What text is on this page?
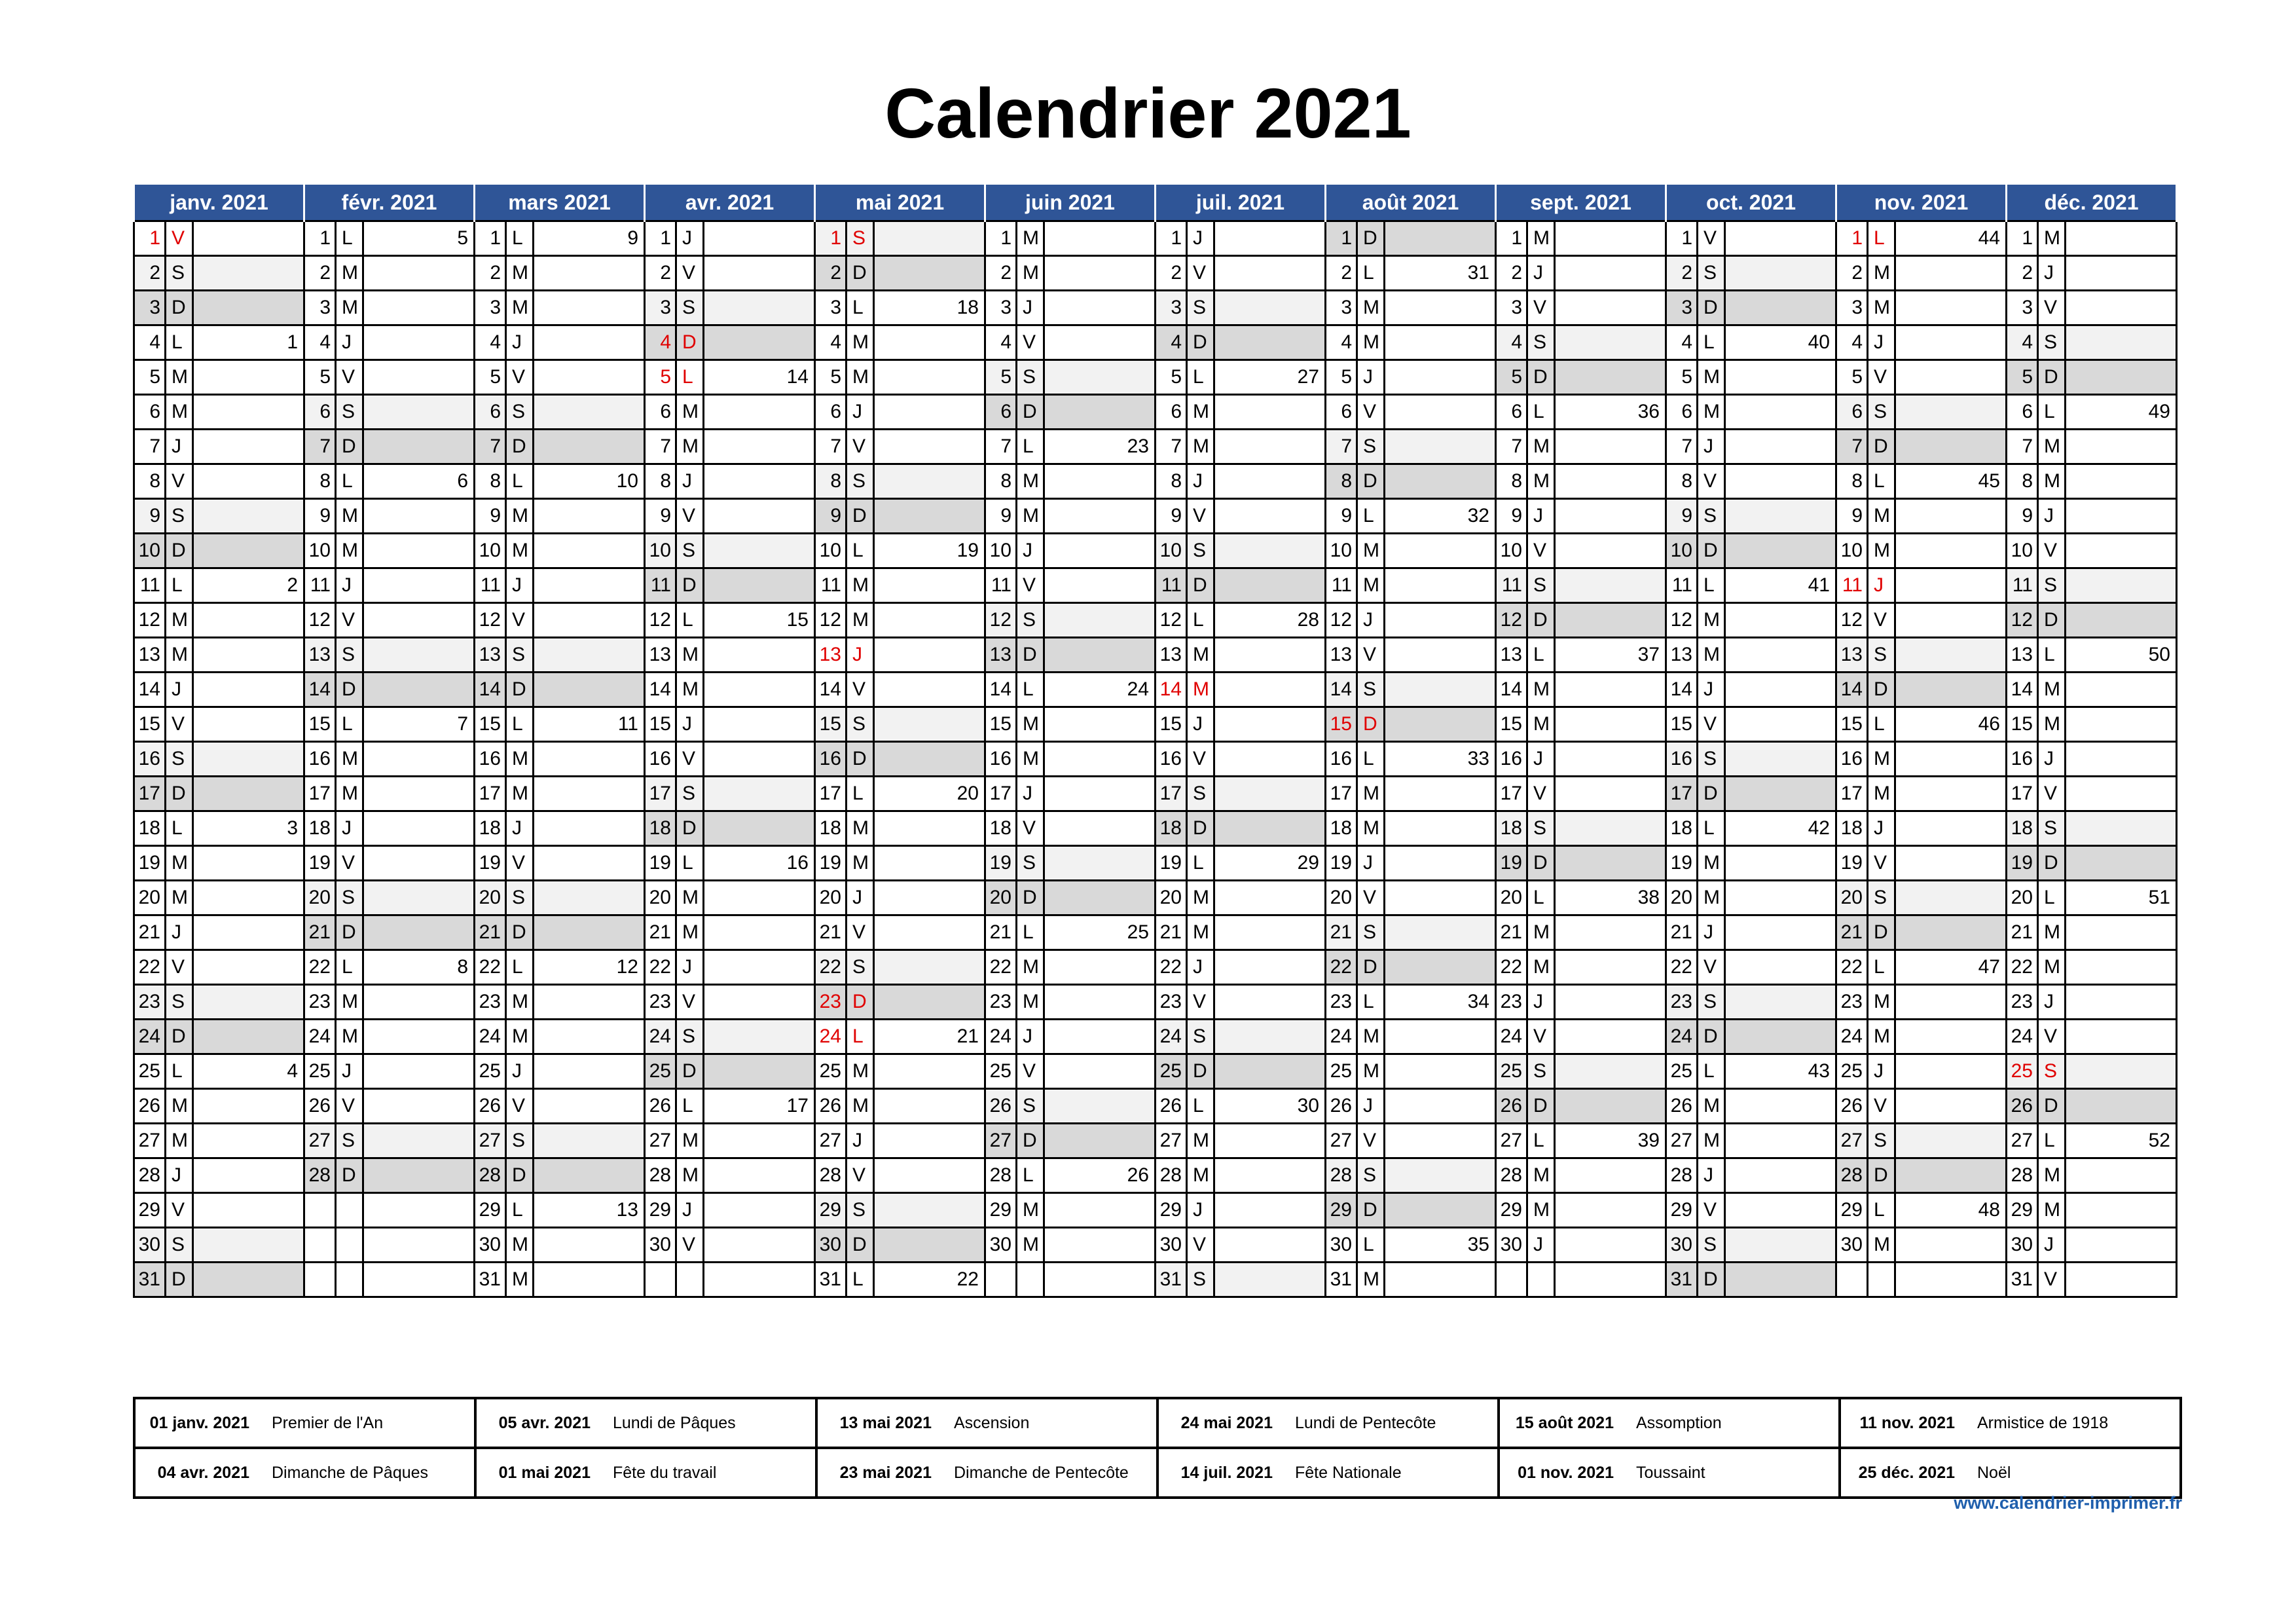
Calendrier 2021
janv. 2021			févr. 2021			mars 2021			avr. 2021			mai 2021			juin 2021			juil. 2021			août 2021			sept. 2021			oct. 2021			nov. 2021			déc. 2021		
1	V		1	L	5	1	L	9	1	J		1	S		1	M		1	J		1	D		1	M		1	V		1	L	44	1	M	
2	S		2	M		2	M		2	V		2	D		2	M		2	V		2	L	31	2	J		2	S		2	M		2	J	
3	D		3	M		3	M		3	S		3	L	18	3	J		3	S		3	M		3	V		3	D		3	M		3	V	
4	L	1	4	J		4	J		4	D		4	M		4	V		4	D		4	M		4	S		4	L	40	4	J		4	S	
5	M		5	V		5	V		5	L	14	5	M		5	S		5	L	27	5	J		5	D		5	M		5	V		5	D	
6	M		6	S		6	S		6	M		6	J		6	D		6	M		6	V		6	L	36	6	M		6	S		6	L	49
7	J		7	D		7	D		7	M		7	V		7	L	23	7	M		7	S		7	M		7	J		7	D		7	M	
8	V		8	L	6	8	L	10	8	J		8	S		8	M		8	J		8	D		8	M		8	V		8	L	45	8	M	
9	S		9	M		9	M		9	V		9	D		9	M		9	V		9	L	32	9	J		9	S		9	M		9	J	
10	D		10	M		10	M		10	S		10	L	19	10	J		10	S		10	M		10	V		10	D		10	M		10	V	
11	L	2	11	J		11	J		11	D		11	M		11	V		11	D		11	M		11	S		11	L	41	11	J		11	S	
12	M		12	V		12	V		12	L	15	12	M		12	S		12	L	28	12	J		12	D		12	M		12	V		12	D	
13	M		13	S		13	S		13	M		13	J		13	D		13	M		13	V		13	L	37	13	M		13	S		13	L	50
14	J		14	D		14	D		14	M		14	V		14	L	24	14	M		14	S		14	M		14	J		14	D		14	M	
15	V		15	L	7	15	L	11	15	J		15	S		15	M		15	J		15	D		15	M		15	V		15	L	46	15	M	
16	S		16	M		16	M		16	V		16	D		16	M		16	V		16	L	33	16	J		16	S		16	M		16	J	
17	D		17	M		17	M		17	S		17	L	20	17	J		17	S		17	M		17	V		17	D		17	M		17	V	
18	L	3	18	J		18	J		18	D		18	M		18	V		18	D		18	M		18	S		18	L	42	18	J		18	S	
19	M		19	V		19	V		19	L	16	19	M		19	S		19	L	29	19	J		19	D		19	M		19	V		19	D	
20	M		20	S		20	S		20	M		20	J		20	D		20	M		20	V		20	L	38	20	M		20	S		20	L	51
21	J		21	D		21	D		21	M		21	V		21	L	25	21	M		21	S		21	M		21	J		21	D		21	M	
22	V		22	L	8	22	L	12	22	J		22	S		22	M		22	J		22	D		22	M		22	V		22	L	47	22	M	
23	S		23	M		23	M		23	V		23	D		23	M		23	V		23	L	34	23	J		23	S		23	M		23	J	
24	D		24	M		24	M		24	S		24	L	21	24	J		24	S		24	M		24	V		24	D		24	M		24	V	
25	L	4	25	J		25	J		25	D		25	M		25	V		25	D		25	M		25	S		25	L	43	25	J		25	S	
26	M		26	V		26	V		26	L	17	26	M		26	S		26	L	30	26	J		26	D		26	M		26	V		26	D	
27	M		27	S		27	S		27	M		27	J		27	D		27	M		27	V		27	L	39	27	M		27	S		27	L	52
28	J		28	D		28	D		28	M		28	V		28	L	26	28	M		28	S		28	M		28	J		28	D		28	M	
29	V					29	L	13	29	J		29	S		29	M		29	J		29	D		29	M		29	V		29	L	48	29	M	
30	S					30	M		30	V		30	D		30	M		30	V		30	L	35	30	J		30	S		30	M		30	J	
31	D					31	M					31	L	22				31	S		31	M					31	D					31	V	
01 janv. 2021	Premier de l'An	05 avr. 2021	Lundi de Pâques	13 mai 2021	Ascension	24 mai 2021	Lundi de Pentecôte	15 août 2021	Assomption	11 nov. 2021	Armistice de 1918
04 avr. 2021	Dimanche de Pâques	01 mai 2021	Fête du travail	23 mai 2021	Dimanche de Pentecôte	14 juil. 2021	Fête Nationale	01 nov. 2021	Toussaint	25 déc. 2021	Noël
www.calendrier-imprimer.fr
